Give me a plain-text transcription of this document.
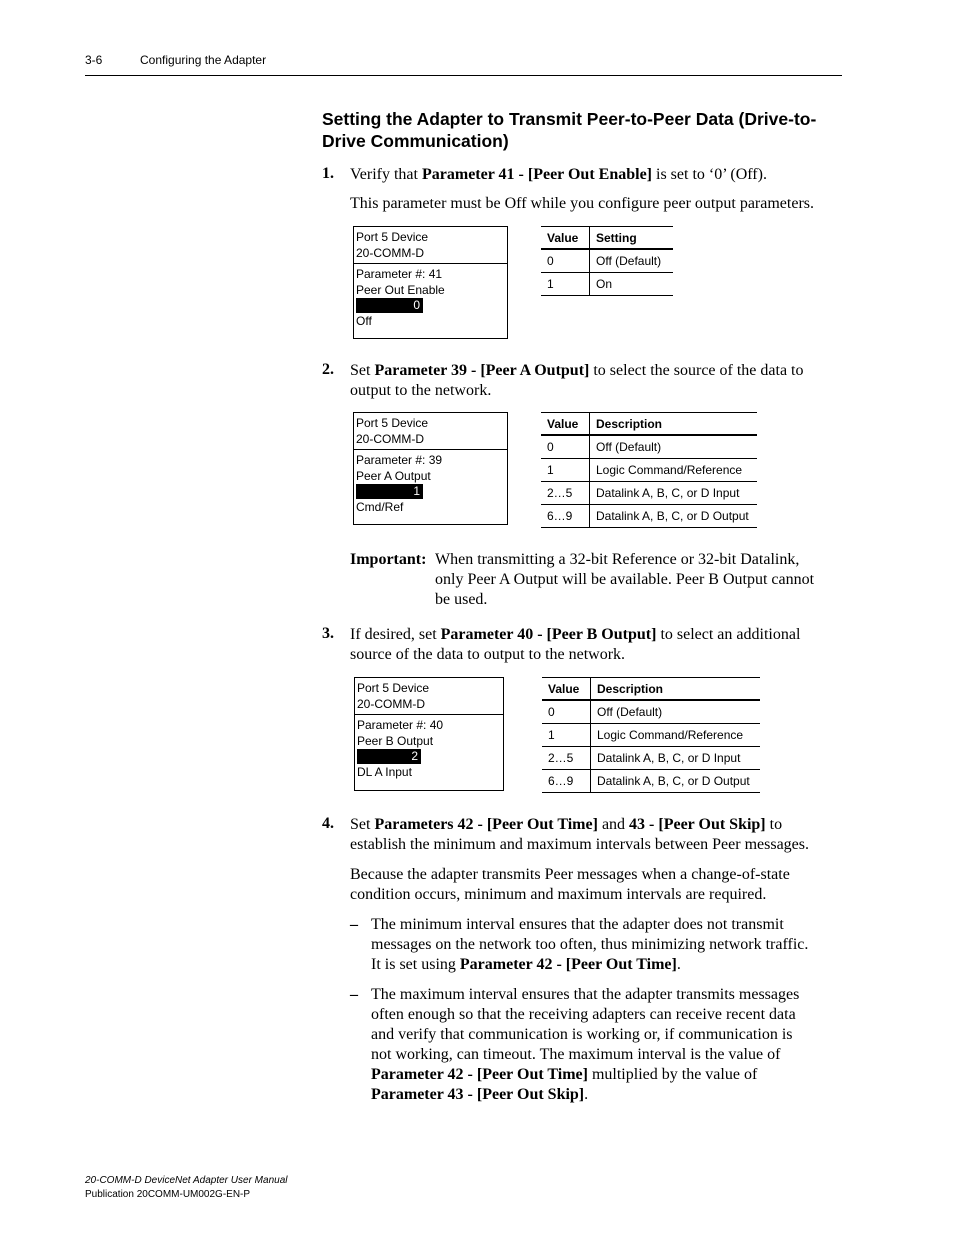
3-6	Configuring the Adapter
Setting the Adapter to Transmit Peer-to-Peer Data (Drive-to-Drive Communication)
1. Verify that Parameter 41 - [Peer Out Enable] is set to ‘0’ (Off).
This parameter must be Off while you configure peer output parameters.
Port 5 Device
20-COMM-D
Parameter #: 41
Peer Out Enable
0
Off
Value	Setting
0	Off (Default)
1	On
2. Set Parameter 39 - [Peer A Output] to select the source of the data to
output to the network.
Port 5 Device
20-COMM-D
Parameter #: 39
Peer A Output
1
Cmd/Ref
Value	Description
0	Off (Default)
1	Logic Command/Reference
2…5	Datalink A, B, C, or D Input
6…9	Datalink A, B, C, or D Output
Important: When transmitting a 32-bit Reference or 32-bit Datalink,
only Peer A Output will be available. Peer B Output cannot
be used.
3. If desired, set Parameter 40 - [Peer B Output] to select an additional
source of the data to output to the network.
Port 5 Device
20-COMM-D
Parameter #: 40
Peer B Output
2
DL A Input
Value	Description
0	Off (Default)
1	Logic Command/Reference
2…5	Datalink A, B, C, or D Input
6…9	Datalink A, B, C, or D Output
4. Set Parameters 42 - [Peer Out Time] and 43 - [Peer Out Skip] to
establish the minimum and maximum intervals between Peer messages.
Because the adapter transmits Peer messages when a change-of-state
condition occurs, minimum and maximum intervals are required.
– The minimum interval ensures that the adapter does not transmit
messages on the network too often, thus minimizing network traffic.
It is set using Parameter 42 - [Peer Out Time].
– The maximum interval ensures that the adapter transmits messages
often enough so that the receiving adapters can receive recent data
and verify that communication is working or, if communication is
not working, can timeout. The maximum interval is the value of
Parameter 42 - [Peer Out Time] multiplied by the value of
Parameter 43 - [Peer Out Skip].
20-COMM-D DeviceNet Adapter User Manual
Publication 20COMM-UM002G-EN-P
